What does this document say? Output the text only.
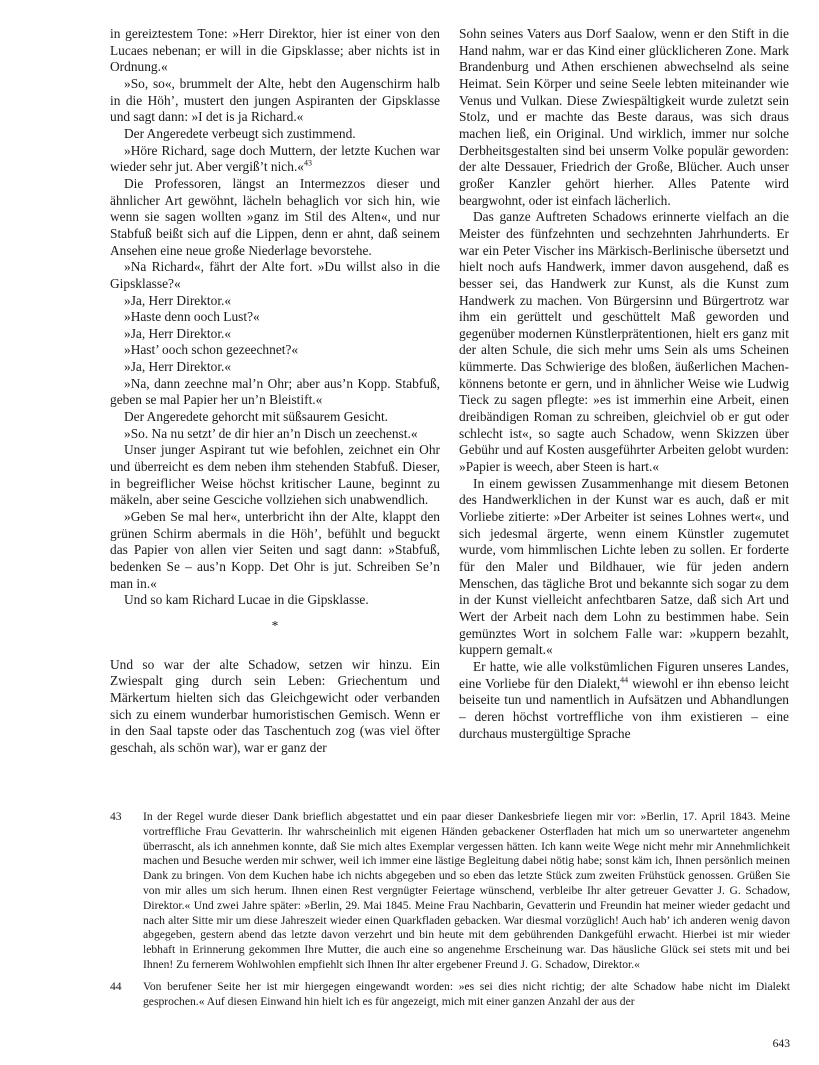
in gereiztestem Tone: »Herr Direktor, hier ist einer von den Lucaes nebenan; er will in die Gipsklasse; aber nichts ist in Ordnung.«

»So, so«, brummelt der Alte, hebt den Augenschirm halb in die Höh’, mustert den jungen Aspiranten der Gipsklasse und sagt dann: »I det is ja Richard.«

Der Angeredete verbeugt sich zustimmend.

»Höre Richard, sage doch Muttern, der letzte Kuchen war wieder sehr jut. Aber vergiß’t nich.«$^{43}$

Die Professoren, längst an Intermezzos dieser und ähnlicher Art gewöhnt, lächeln behaglich vor sich hin, wie wenn sie sagen wollten »ganz im Stil des Alten«, und nur Stabfuß beißt sich auf die Lippen, denn er ahnt, daß seinem Ansehen eine neue große Niederlage bevorstehe.

»Na Richard«, fährt der Alte fort. »Du willst also in die Gipsklasse?«

»Ja, Herr Direktor.«

»Haste denn ooch Lust?«

»Ja, Herr Direktor.«

»Hast’ ooch schon gezeechnet?«

»Ja, Herr Direktor.«

»Na, dann zeechne mal’n Ohr; aber aus’n Kopp. Stabfuß, geben se mal Papier her un’n Bleistift.«

Der Angeredete gehorcht mit süßsaurem Gesicht.

»So. Na nu setzt’ de dir hier an’n Disch un zeechenst.«

Unser junger Aspirant tut wie befohlen, zeichnet ein Ohr und überreicht es dem neben ihm stehenden Stabfuß. Dieser, in begreiflicher Weise höchst kritischer Laune, beginnt zu mäkeln, aber seine Gesciche vollziehen sich unabwendlich.

»Geben Se mal her«, unterbricht ihn der Alte, klappt den grünen Schirm abermals in die Höh’, befühlt und beguckt das Papier von allen vier Seiten und sagt dann: »Stabfuß, bedenken Se – aus’n Kopp. Det Ohr is jut. Schreiben Se’n man in.«

Und so kam Richard Lucae in die Gipsklasse.

*

Und so war der alte Schadow, setzen wir hinzu. Ein Zwiespalt ging durch sein Leben: Griechentum und Märkertum hielten sich das Gleichgewicht oder verbanden sich zu einem wunderbar humoristischen Gemisch. Wenn er in den Saal tapste oder das Taschentuch zog (was viel öfter geschah, als schön war), war er ganz der

Sohn seines Vaters aus Dorf Saalow, wenn er den Stift in die Hand nahm, war er das Kind einer glücklicheren Zone. Mark Brandenburg und Athen erschienen abwechselnd als seine Heimat. Sein Körper und seine Seele lebten miteinander wie Venus und Vulkan. Diese Zwiespältigkeit wurde zuletzt sein Stolz, und er machte das Beste daraus, was sich draus machen ließ, ein Original. Und wirklich, immer nur solche Derbheitsgestalten sind bei unserm Volke populär geworden: der alte Dessauer, Friedrich der Große, Blücher. Auch unser großer Kanzler gehört hierher. Alles Patente wird beargwohnt, oder ist einfach lächerlich.

Das ganze Auftreten Schadows erinnerte vielfach an die Meister des fünfzehnten und sechzehnten Jahrhunderts. Er war ein Peter Vischer ins Märkisch-Berlinische übersetzt und hielt noch aufs Handwerk, immer davon ausgehend, daß es besser sei, das Handwerk zur Kunst, als die Kunst zum Handwerk zu machen. Von Bürgersinn und Bürgertrotz war ihm ein gerüttelt und geschüttelt Maß geworden und gegenüber modernen Künstlerprätentionen, hielt ers ganz mit der alten Schule, die sich mehr ums Sein als ums Scheinen kümmerte. Das Schwierige des bloßen, äußerlichen Machen-könnens betonte er gern, und in ähnlicher Weise wie Ludwig Tieck zu sagen pflegte: »es ist immerhin eine Arbeit, einen dreibändigen Roman zu schreiben, gleichviel ob er gut oder schlecht ist«, so sagte auch Schadow, wenn Skizzen über Gebühr und auf Kosten ausgeführter Arbeiten gelobt wurden: »Papier is weech, aber Steen is hart.«

In einem gewissen Zusammenhange mit diesem Betonen des Handwerklichen in der Kunst war es auch, daß er mit Vorliebe zitierte: »Der Arbeiter ist seines Lohnes wert«, und sich jedesmal ärgerte, wenn einem Künstler zugemutet wurde, vom himmlischen Lichte leben zu sollen. Er forderte für den Maler und Bildhauer, wie für jeden andern Menschen, das tägliche Brot und bekannte sich sogar zu dem in der Kunst vielleicht anfechtbaren Satze, daß sich Art und Wert der Arbeit nach dem Lohn zu bestimmen habe. Sein gemünztes Wort in solchem Falle war: »kuppern bezahlt, kuppern gemalt.«

Er hatte, wie alle volkstümlichen Figuren unseres Landes, eine Vorliebe für den Dialekt,$^{44}$ wiewohl er ihn ebenso leicht beiseite tun und namentlich in Aufsätzen und Abhandlungen – deren höchst vortreffliche von ihm existieren – eine durchaus mustergültige Sprache

43	In der Regel wurde dieser Dank brieflich abgestattet und ein paar dieser Dankesbriefe liegen mir vor: »Berlin, 17. April 1843. Meine vortreffliche Frau Gevatterin. Ihr wahrscheinlich mit eigenen Händen gebackener Osterfladen hat mich um so unerwarteter angenehm überrascht, als ich annehmen konnte, daß Sie mich altes Exemplar vergessen hätten. Ich kann weite Wege nicht mehr mir Annehmlichkeit machen und Besuche werden mir schwer, weil ich immer eine lästige Begleitung dabei nötig habe; sonst käm ich, Ihnen persönlich meinen Dank zu bringen. Von dem Kuchen habe ich nichts abgegeben und so eben das letzte Stück zum zweiten Frühstück genossen. Grüßen Sie von mir alles um sich herum. Ihnen einen Rest vergnügter Feiertage wünschend, verbleibe Ihr alter getreuer Gevatter J. G. Schadow, Direktor.« Und zwei Jahre später: »Berlin, 29. Mai 1845. Meine Frau Nachbarin, Gevatterin und Freundin hat meiner wieder gedacht und nach alter Sitte mir um diese Jahreszeit wieder einen Quarkfladen gebacken. War diesmal vorzüglich! Auch hab’ ich anderen wenig davon abgegeben, gestern abend das letzte davon verzehrt und bin heute mit dem gebührenden Dankgefühl erwacht. Hierbei ist mir wieder lebhaft in Erinnerung gekommen Ihre Mutter, die auch eine so angenehme Erscheinung war. Das häusliche Glück sei stets mit und bei Ihnen! Zu fernerem Wohlwohlen empfiehlt sich Ihnen Ihr alter ergebener Freund J. G. Schadow, Direktor.«
44	Von berufener Seite her ist mir hiergegen eingewandt worden: »es sei dies nicht richtig; der alte Schadow habe nicht im Dialekt gesprochen.« Auf diesen Einwand hin hielt ich es für angezeigt, mich mit einer ganzen Anzahl der aus der
643
